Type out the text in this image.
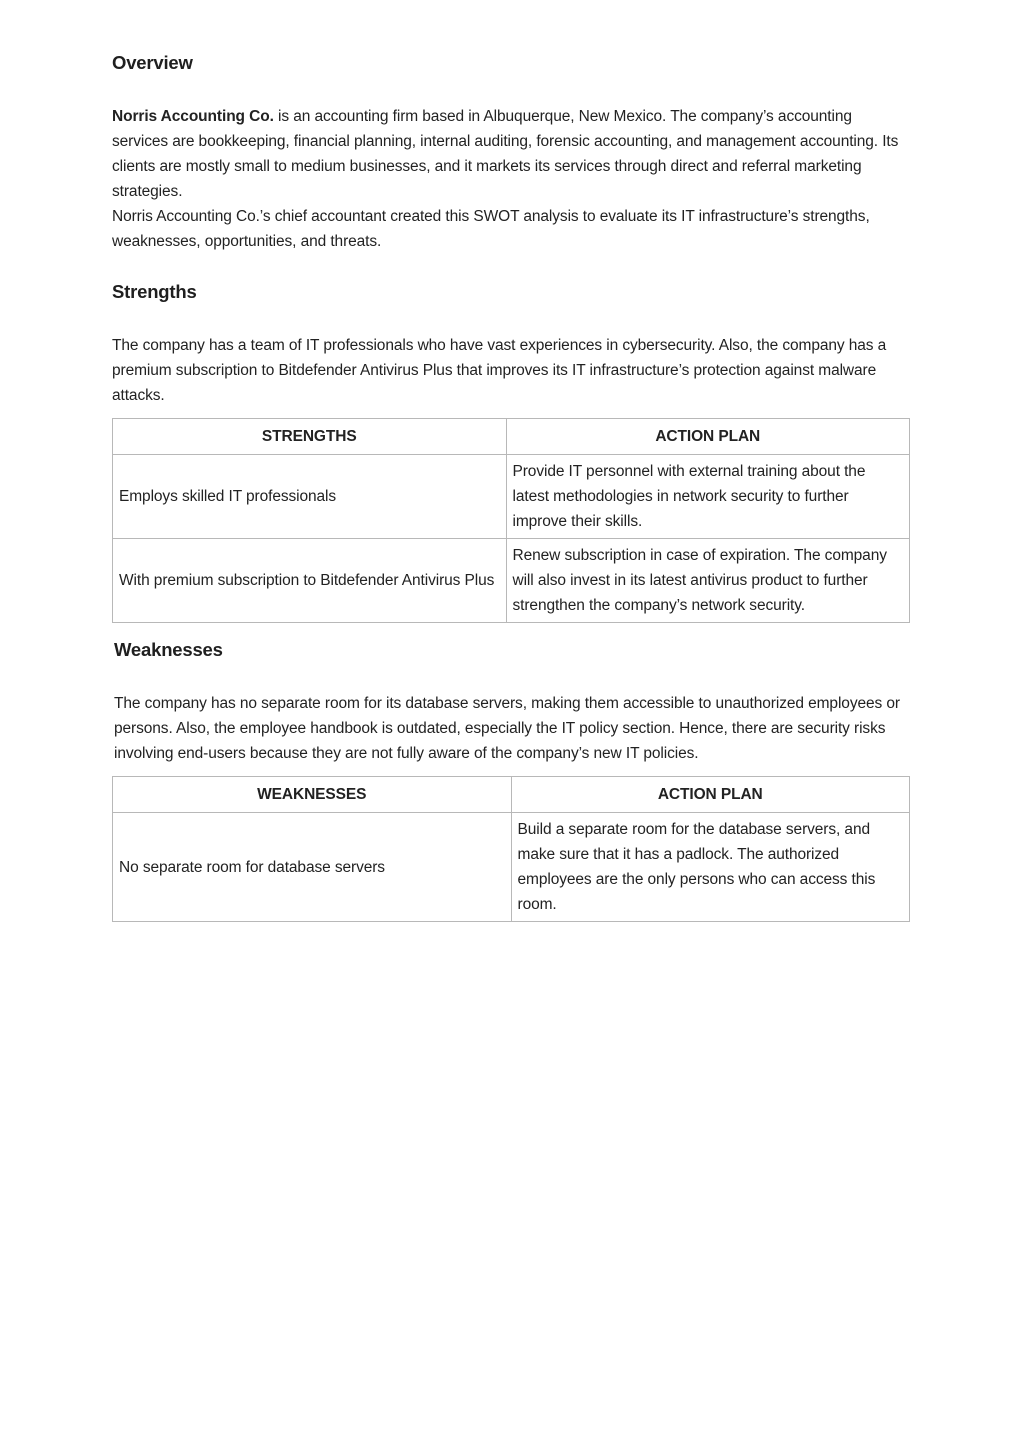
Overview

Norris Accounting Co. is an accounting firm based in Albuquerque, New Mexico. The company’s accounting services are bookkeeping, financial planning, internal auditing, forensic accounting, and management accounting. Its clients are mostly small to medium businesses, and it markets its services through direct and referral marketing strategies.

Norris Accounting Co.’s chief accountant created this SWOT analysis to evaluate its IT infrastructure’s strengths, weaknesses, opportunities, and threats.

Strengths

The company has a team of IT professionals who have vast experiences in cybersecurity. Also, the company has a premium subscription to Bitdefender Antivirus Plus that improves its IT infrastructure’s protection against malware attacks.

STRENGTHS	ACTION PLAN
Employs skilled IT professionals	Provide IT personnel with external training about the latest methodologies in network security to further improve their skills.
With premium subscription to Bitdefender Antivirus Plus	Renew subscription in case of expiration. The company will also invest in its latest antivirus product to further strengthen the company’s network security.
Weaknesses

The company has no separate room for its database servers, making them accessible to unauthorized employees or persons. Also, the employee handbook is outdated, especially the IT policy section. Hence, there are security risks involving end-users because they are not fully aware of the company’s new IT policies.

WEAKNESSES	ACTION PLAN
No separate room for database servers	Build a separate room for the database servers, and make sure that it has a padlock. The authorized employees are the only persons who can access this room.
